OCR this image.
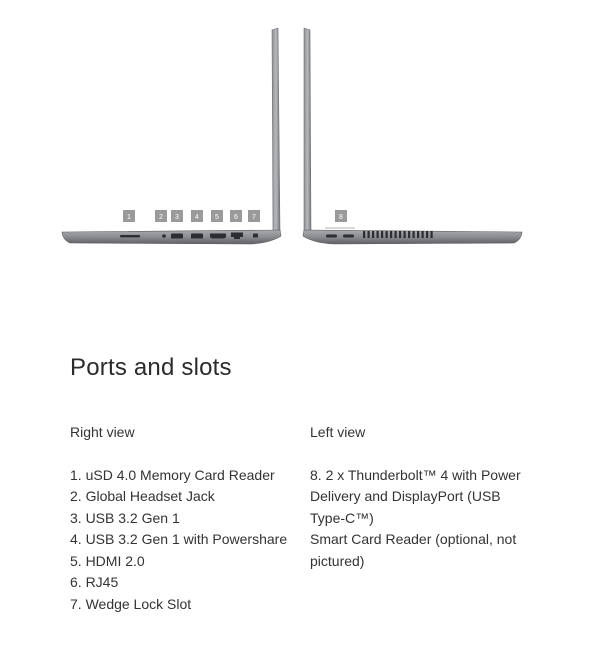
1	2 3 4 5 6 7	8
Ports and slots
Right view
1. uSD 4.0 Memory Card Reader
2. Global Headset Jack
3. USB 3.2 Gen 1
4. USB 3.2 Gen 1 with Powershare
5. HDMI 2.0
6. RJ45
7. Wedge Lock Slot
Left view
8. 2 x Thunderbolt™ 4 with Power Delivery and DisplayPort (USB Type-C™)
Smart Card Reader (optional, not pictured)
